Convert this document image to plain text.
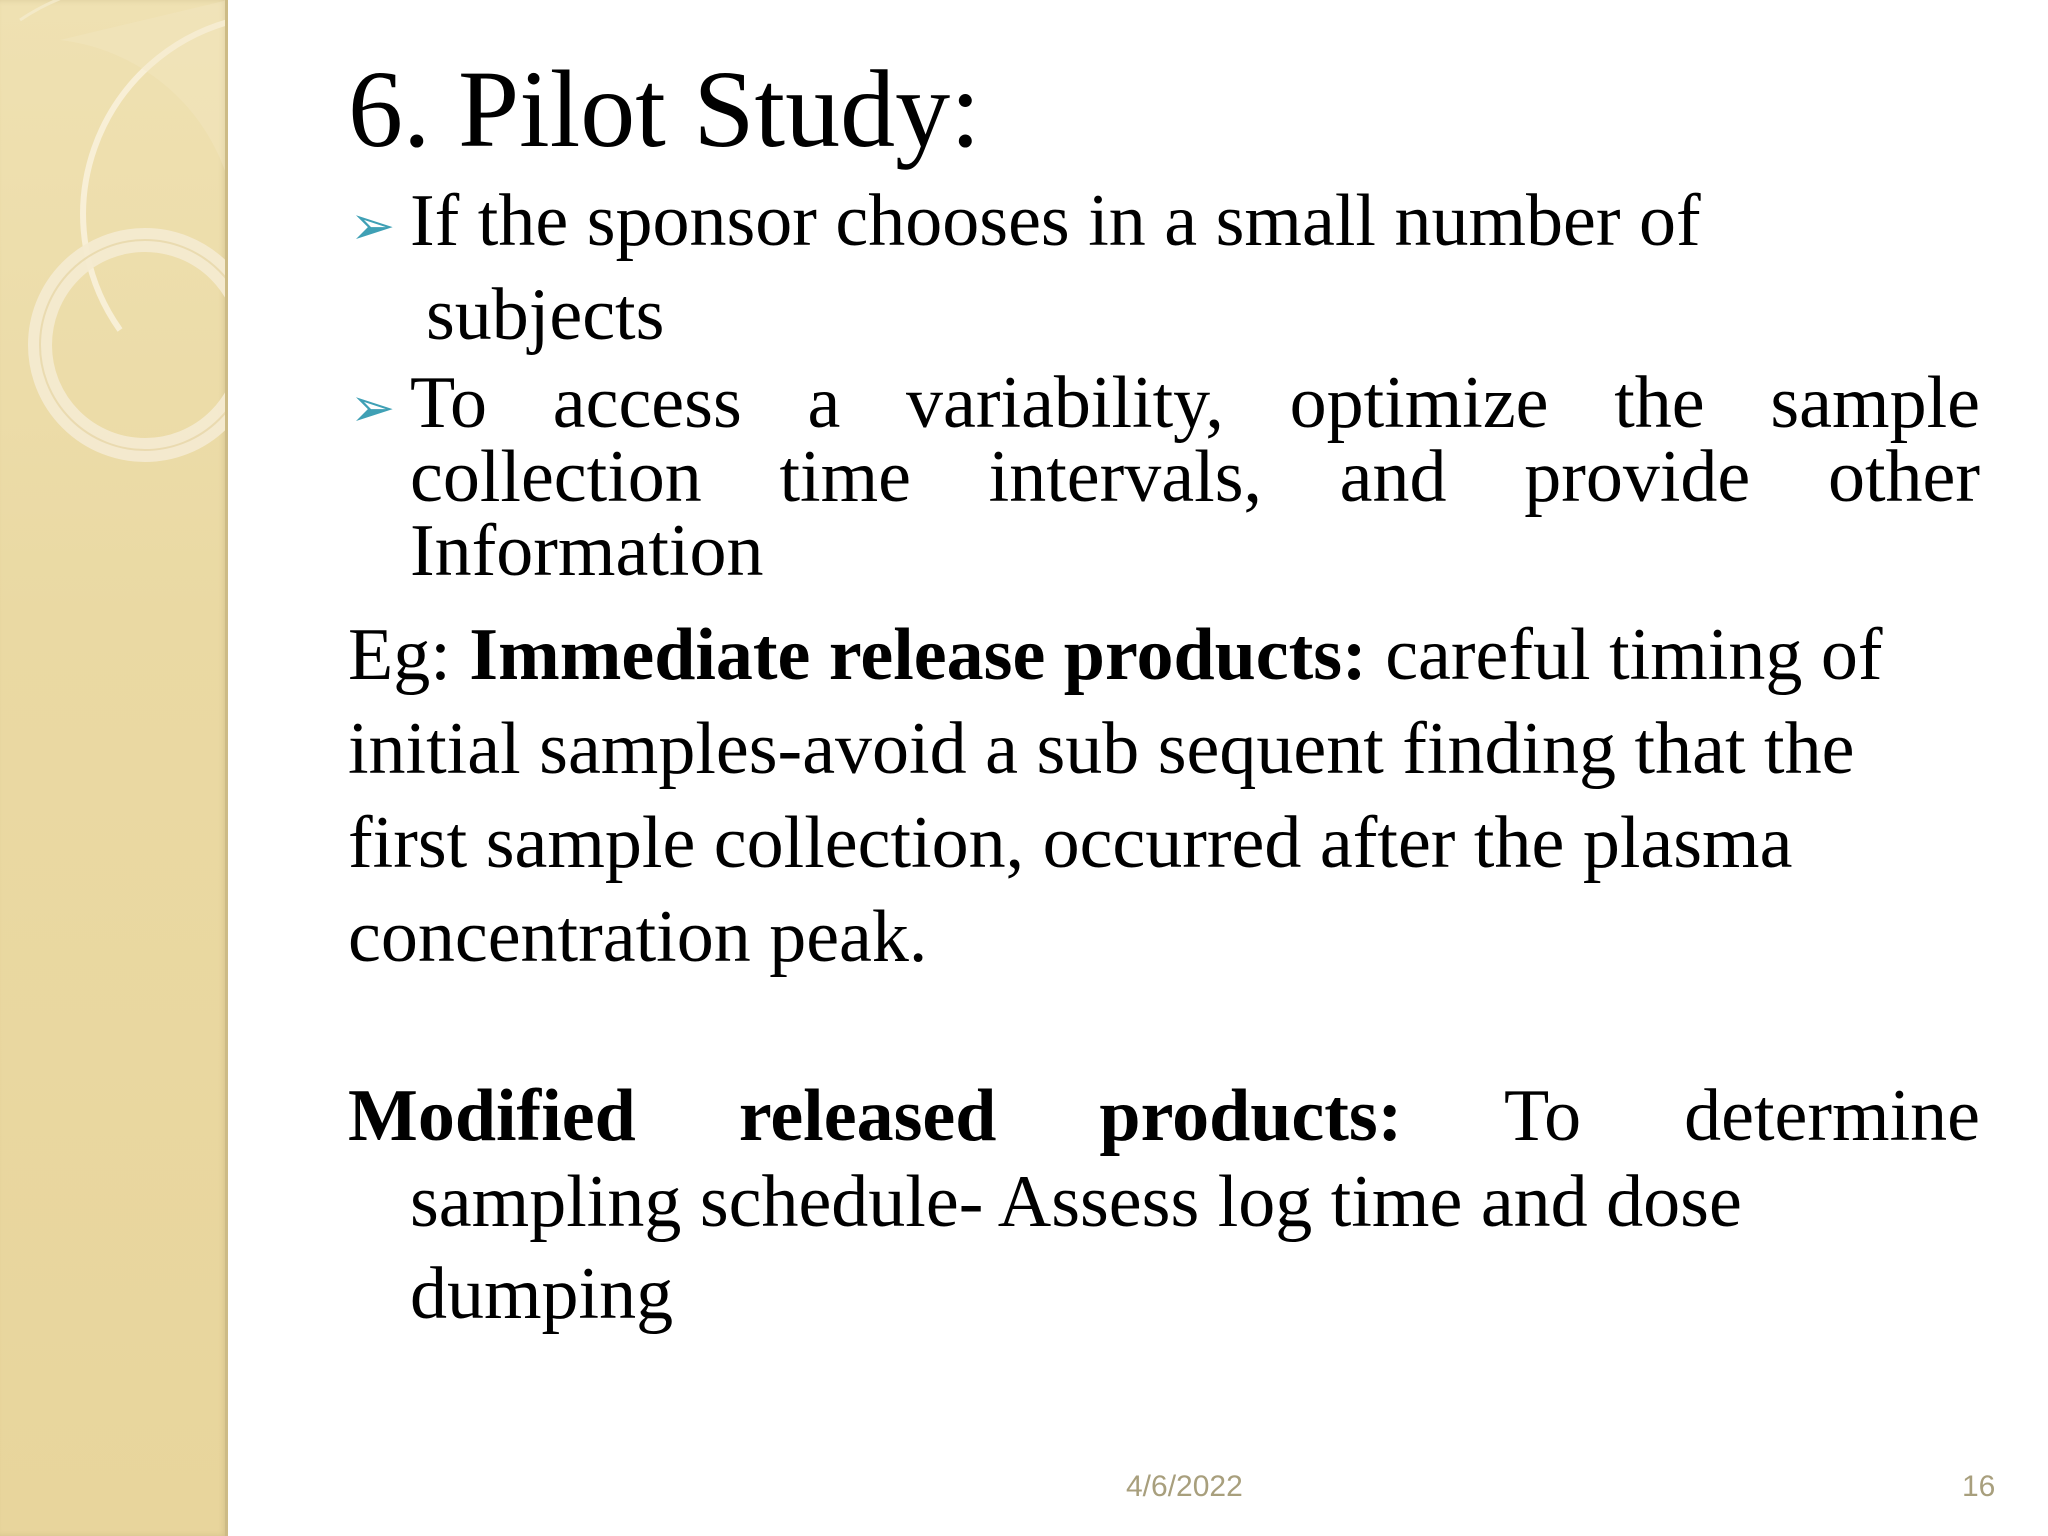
6. Pilot Study:
➢ If the sponsor chooses in a small number of
subjects
➢ To access a variability, optimize the sample collection time intervals, and provide other Information
Eg: Immediate release products: careful timing of initial samples-avoid a sub sequent finding that the first sample collection, occurred after the plasma concentration peak.
Modified released products: To determine
sampling schedule- Assess log time and dose
dumping
4/6/2022	16
